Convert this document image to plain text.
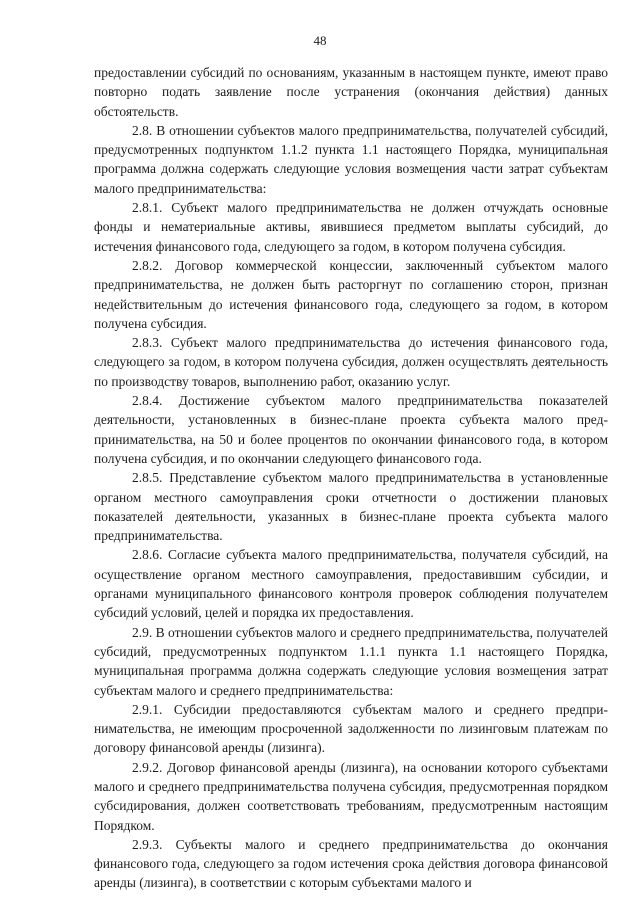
48

предоставлении субсидий по основаниям, указанным в настоящем пункте, имеют право повторно подать заявление после устранения (окончания действия) данных обстоятельств.

2.8. В отношении субъектов малого предпринимательства, получателей субсидий, предусмотренных подпунктом 1.1.2 пункта 1.1 настоящего Порядка, муниципальная программа должна содержать следующие условия возмещения части затрат субъектам малого предпринимательства:

2.8.1. Субъект малого предпринимательства не должен отчуждать основные фонды и нематериальные активы, явившиеся предметом выплаты субсидий, до истечения финансового года, следующего за годом, в котором получена субсидия.

2.8.2. Договор коммерческой концессии, заключенный субъектом малого предпринимательства, не должен быть расторгнут по соглашению сторон, признан недействительным до истечения финансового года, следующего за годом, в котором получена субсидия.

2.8.3. Субъект малого предпринимательства до истечения финансового года, следующего за годом, в котором получена субсидия, должен осуществлять деятельность по производству товаров, выполнению работ, оказанию услуг.

2.8.4. Достижение субъектом малого предпринимательства показателей деятельности, установленных в бизнес-плане проекта субъекта малого предпринимательства, на 50 и более процентов по окончании финансового года, в котором получена субсидия, и по окончании следующего финансового года.

2.8.5. Представление субъектом малого предпринимательства в установленные органом местного самоуправления сроки отчетности о достижении плановых показателей деятельности, указанных в бизнес-плане проекта субъекта малого предпринимательства.

2.8.6. Согласие субъекта малого предпринимательства, получателя субсидий, на осуществление органом местного самоуправления, предоставившим субсидии, и органами муниципального финансового контроля проверок соблюдения получателем субсидий условий, целей и порядка их предоставления.

2.9. В отношении субъектов малого и среднего предпринимательства, получателей субсидий, предусмотренных подпунктом 1.1.1 пункта 1.1 настоящего Порядка, муниципальная программа должна содержать следующие условия возмещения затрат субъектам малого и среднего предпринимательства:

2.9.1. Субсидии предоставляются субъектам малого и среднего предпринимательства, не имеющим просроченной задолженности по лизинговым платежам по договору финансовой аренды (лизинга).

2.9.2. Договор финансовой аренды (лизинга), на основании которого субъектами малого и среднего предпринимательства получена субсидия, предусмотренная порядком субсидирования, должен соответствовать требованиям, предусмотренным настоящим Порядком.

2.9.3. Субъекты малого и среднего предпринимательства до окончания финансового года, следующего за годом истечения срока действия договора финансовой аренды (лизинга), в соответствии с которым субъектами малого и
